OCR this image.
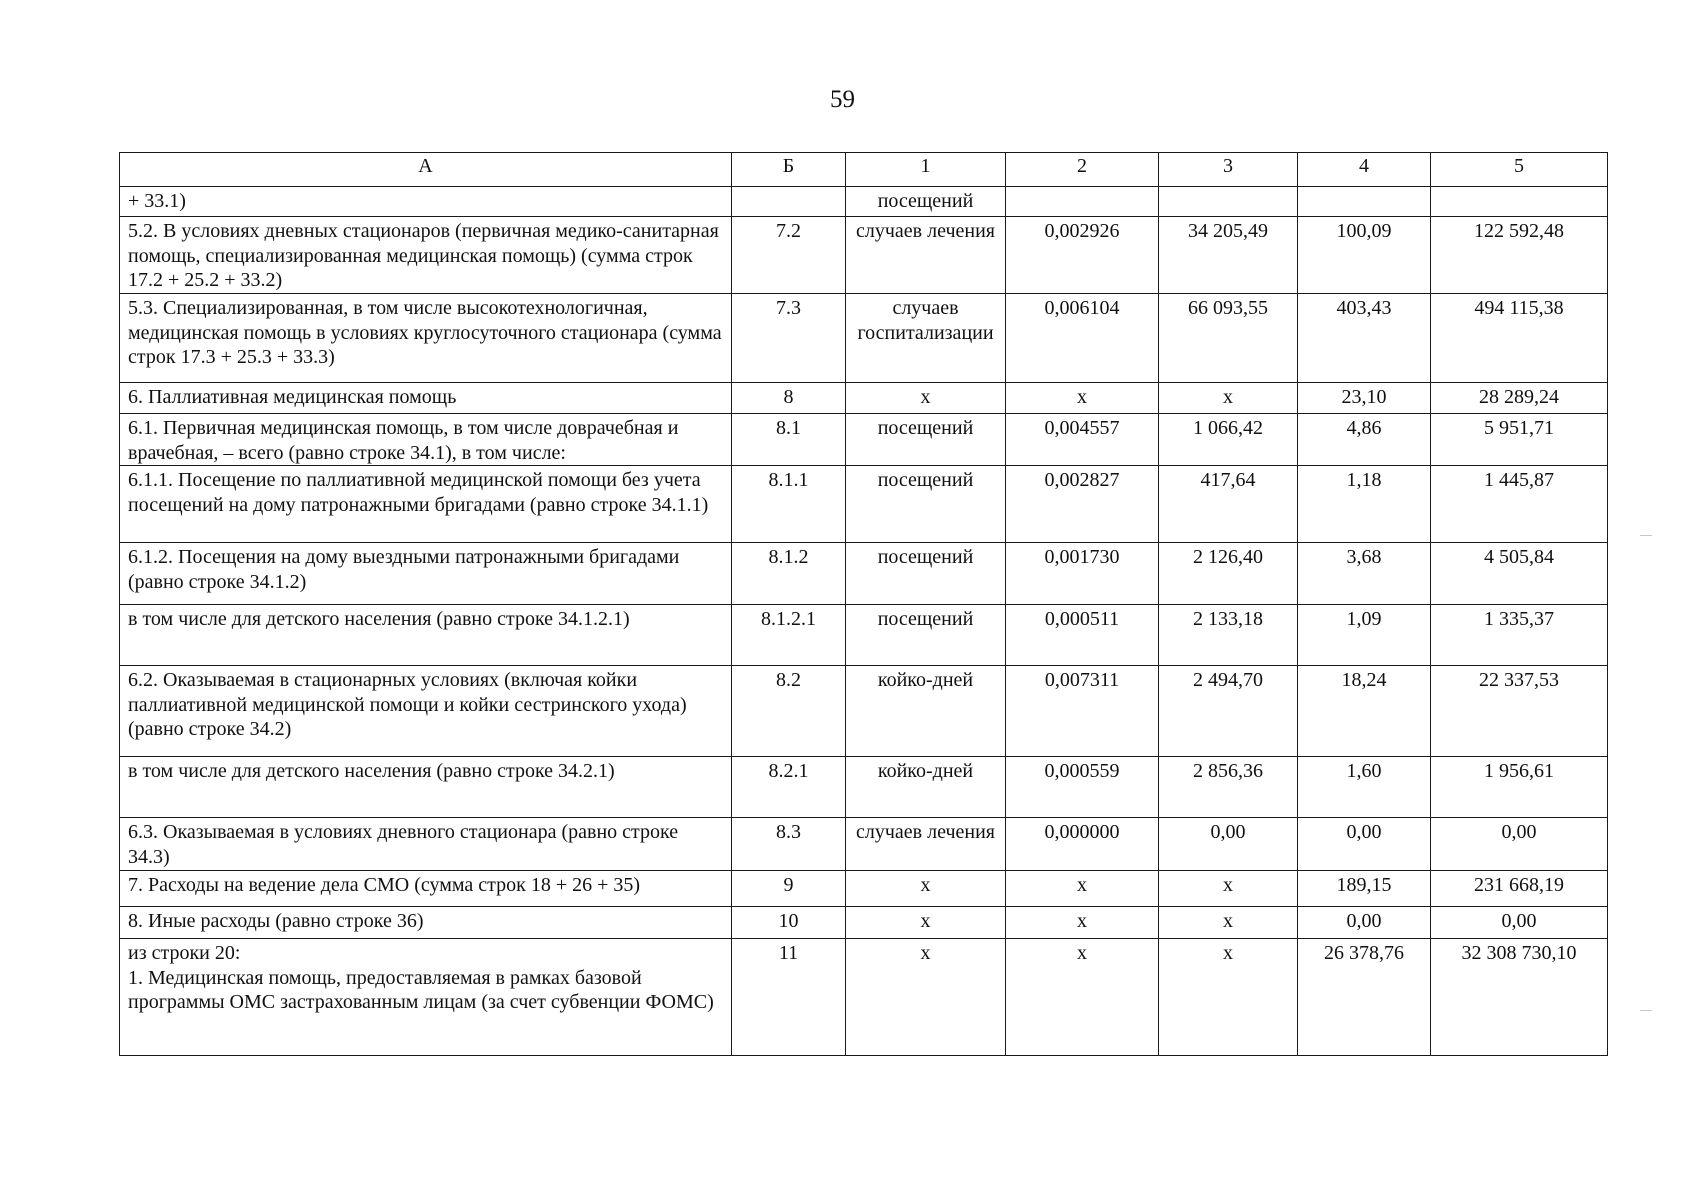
59
А	Б	1	2	3	4	5
+ 33.1)		посещений				
5.2. В условиях дневных стационаров (первичная медико-санитарная помощь, специализированная медицинская помощь) (сумма строк 17.2 + 25.2 + 33.2)	7.2	случаев лечения	0,002926	34 205,49	100,09	122 592,48
5.3. Специализированная, в том числе высокотехнологичная, медицинская помощь в условиях круглосуточного стационара (сумма строк 17.3 + 25.3 + 33.3)	7.3	случаев госпитализации	0,006104	66 093,55	403,43	494 115,38
6. Паллиативная медицинская помощь	8	х	х	х	23,10	28 289,24
6.1. Первичная медицинская помощь, в том числе доврачебная и врачебная, – всего (равно строке 34.1), в том числе:	8.1	посещений	0,004557	1 066,42	4,86	5 951,71
6.1.1. Посещение по паллиативной медицинской помощи без учета посещений на дому патронажными бригадами (равно строке 34.1.1)	8.1.1	посещений	0,002827	417,64	1,18	1 445,87
6.1.2. Посещения на дому выездными патронажными бригадами (равно строке 34.1.2)	8.1.2	посещений	0,001730	2 126,40	3,68	4 505,84
в том числе для детского населения (равно строке 34.1.2.1)	8.1.2.1	посещений	0,000511	2 133,18	1,09	1 335,37
6.2. Оказываемая в стационарных условиях (включая койки паллиативной медицинской помощи и койки сестринского ухода) (равно строке 34.2)	8.2	койко-дней	0,007311	2 494,70	18,24	22 337,53
в том числе для детского населения (равно строке 34.2.1)	8.2.1	койко-дней	0,000559	2 856,36	1,60	1 956,61
6.3. Оказываемая в условиях дневного стационара (равно строке 34.3)	8.3	случаев лечения	0,000000	0,00	0,00	0,00
7. Расходы на ведение дела СМО (сумма строк 18 + 26 + 35)	9	х	х	х	189,15	231 668,19
8. Иные расходы (равно строке 36)	10	х	х	х	0,00	0,00

из строки 20:
1. Медицинская помощь, предоставляемая в рамках базовой программы ОМС застрахованным лицам (за счет субвенции ФОМС)	11	х	х	х	26 378,76	32 308 730,10
